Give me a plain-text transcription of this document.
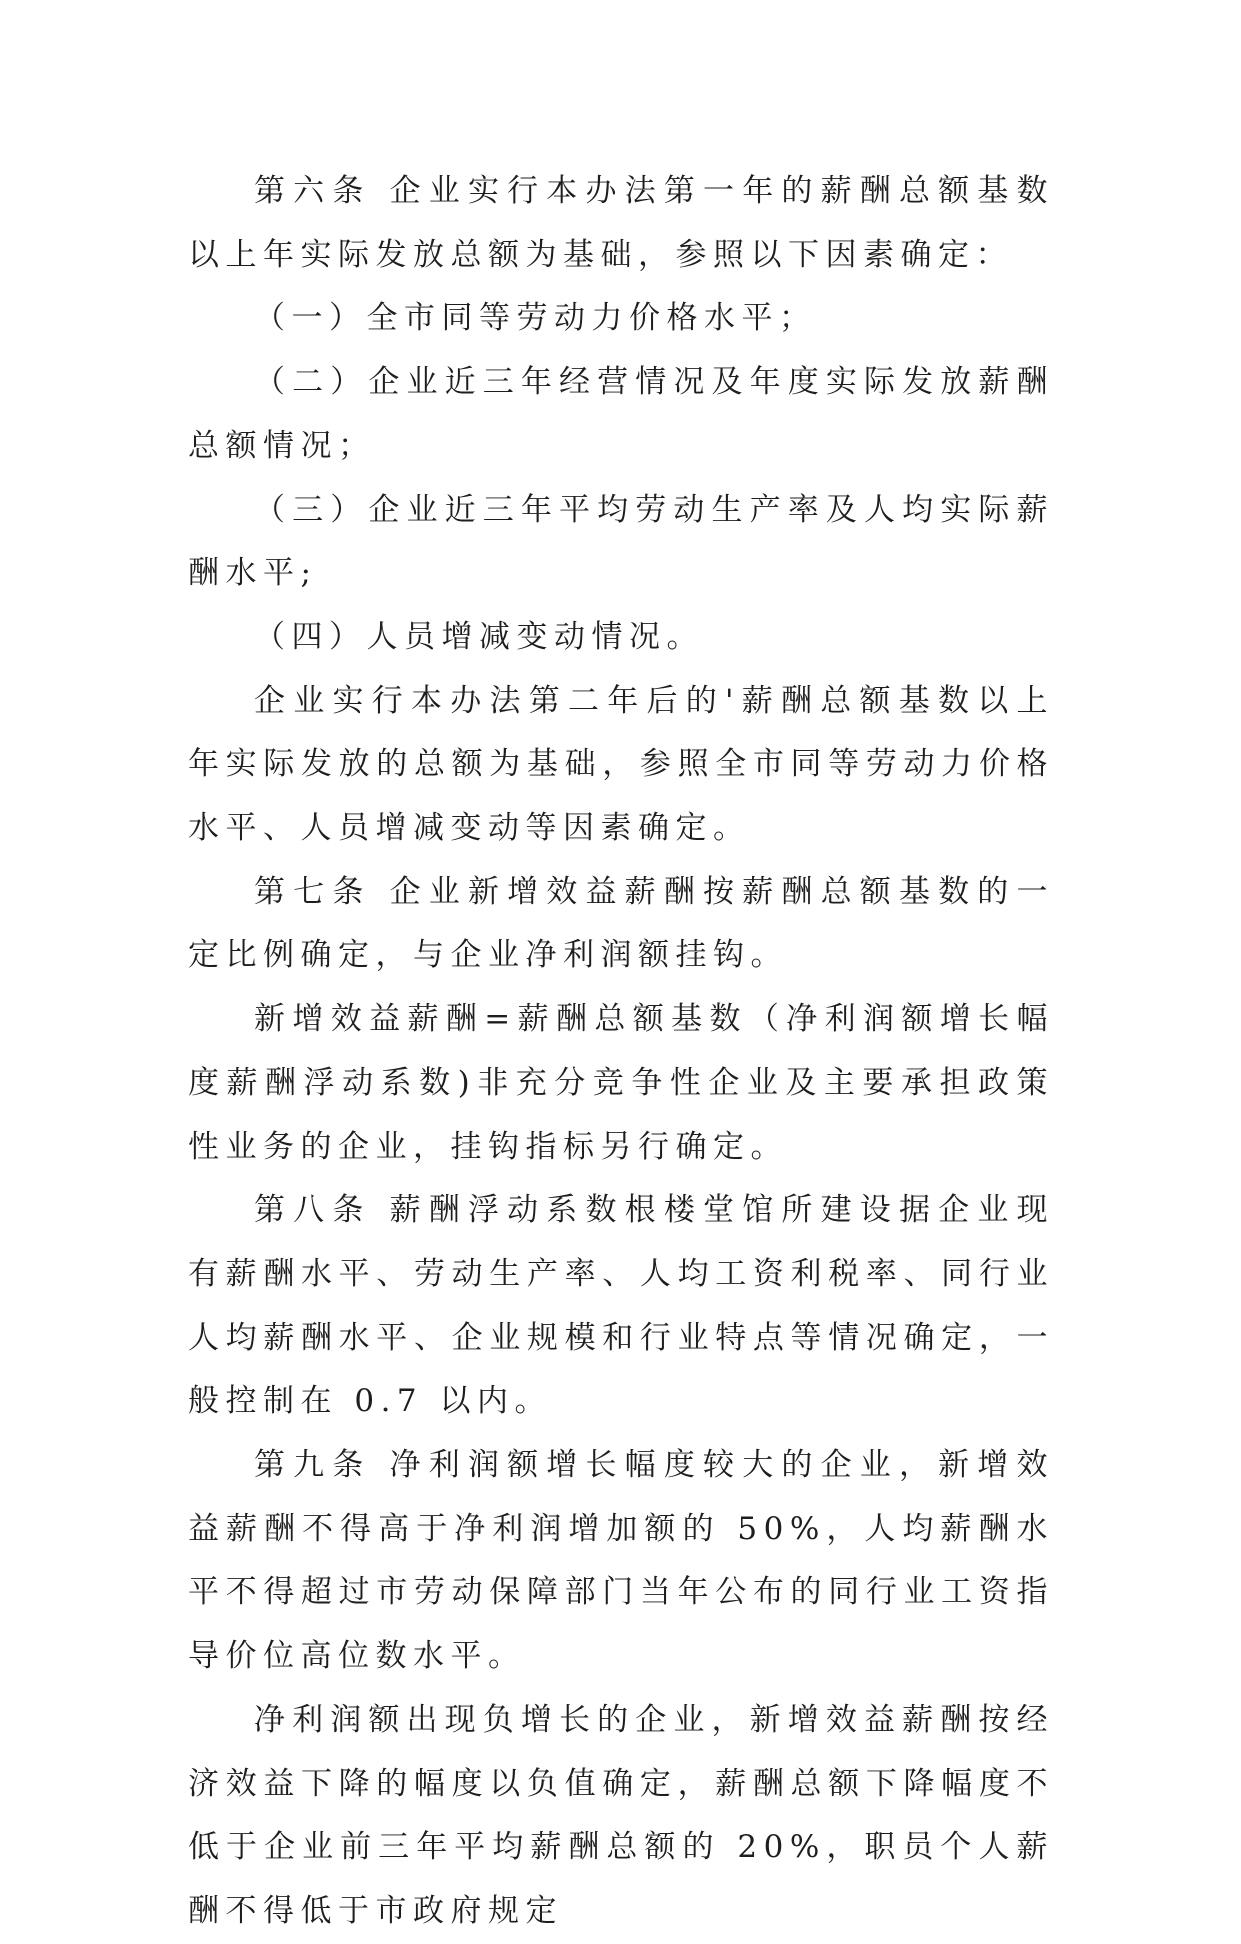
第六条 企业实行本办法第一年的薪酬总额基数以上年实际发放总额为基础，参照以下因素确定：

（一）全市同等劳动力价格水平；

（二）企业近三年经营情况及年度实际发放薪酬总额情况；

（三）企业近三年平均劳动生产率及人均实际薪酬水平;

（四）人员增减变动情况。

企业实行本办法第二年后的'薪酬总额基数以上年实际发放的总额为基础，参照全市同等劳动力价格水平、人员增减变动等因素确定。

第七条 企业新增效益薪酬按薪酬总额基数的一定比例确定，与企业净利润额挂钩。

新增效益薪酬=薪酬总额基数（净利润额增长幅度薪酬浮动系数)非充分竞争性企业及主要承担政策性业务的企业，挂钩指标另行确定。

第八条 薪酬浮动系数根楼堂馆所建设据企业现有薪酬水平、劳动生产率、人均工资利税率、同行业人均薪酬水平、企业规模和行业特点等情况确定，一般控制在 0.7 以内。

第九条 净利润额增长幅度较大的企业，新增效益薪酬不得高于净利润增加额的 50%，人均薪酬水平不得超过市劳动保障部门当年公布的同行业工资指导价位高位数水平。

净利润额出现负增长的企业，新增效益薪酬按经济效益下降的幅度以负值确定，薪酬总额下降幅度不低于企业前三年平均薪酬总额的 20%，职员个人薪酬不得低于市政府规定
